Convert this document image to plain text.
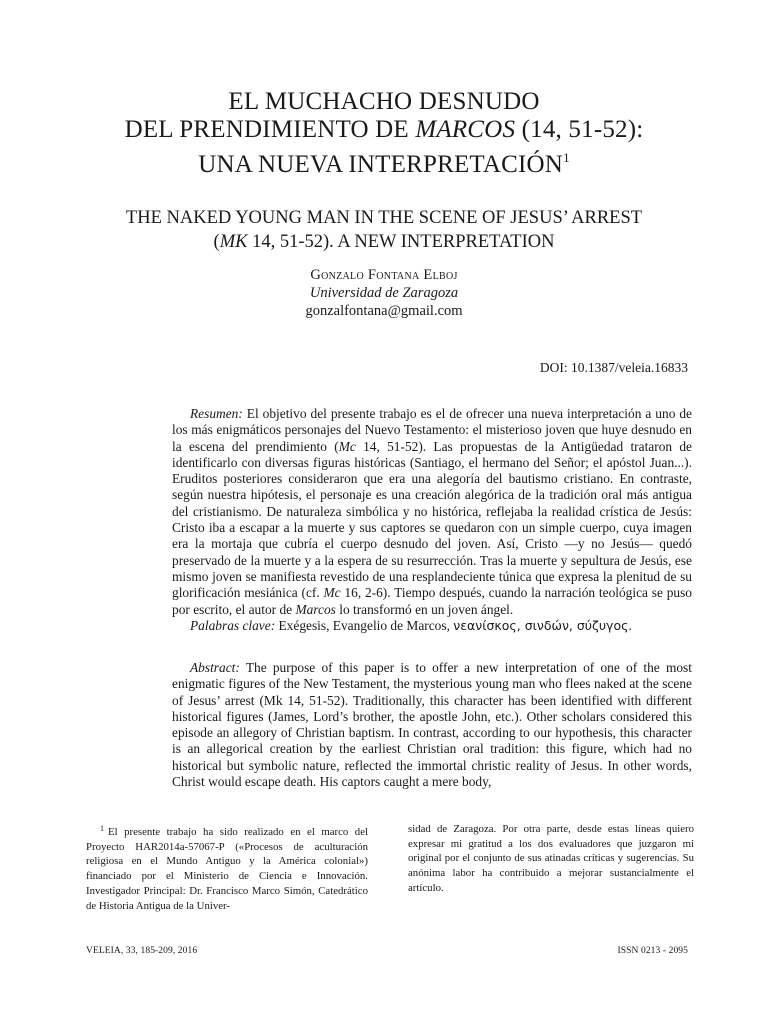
EL MUCHACHO DESNUDO
DEL PRENDIMIENTO DE MARCOS (14, 51-52):
UNA NUEVA INTERPRETACIÓN$^1$
THE NAKED YOUNG MAN IN THE SCENE OF JESUS’ ARREST
(MK 14, 51-52). A NEW INTERPRETATION
Gonzalo Fontana Elboj
Universidad de Zaragoza
gonzalfontana@gmail.com
DOI: 10.1387/veleia.16833

Resumen: El objetivo del presente trabajo es el de ofrecer una nueva interpretación a uno de los más enigmáticos personajes del Nuevo Testamento: el misterioso joven que huye desnudo en la escena del prendimiento (Mc 14, 51-52). Las propuestas de la Antigüedad trataron de identificarlo con diversas figuras históricas (Santiago, el hermano del Señor; el apóstol Juan...). Eruditos posteriores consideraron que era una alegoría del bautismo cristiano. En contraste, según nuestra hipótesis, el personaje es una creación alegórica de la tradición oral más antigua del cristianismo. De naturaleza simbólica y no histórica, reflejaba la realidad crística de Jesús: Cristo iba a escapar a la muerte y sus captores se quedaron con un simple cuerpo, cuya imagen era la mortaja que cubría el cuerpo desnudo del joven. Así, Cristo —y no Jesús— quedó preservado de la muerte y a la espera de su resurrección. Tras la muerte y sepultura de Jesús, ese mismo joven se manifiesta revestido de una resplandeciente túnica que expresa la plenitud de su glorificación mesiánica (cf. Mc 16, 2-6). Tiempo después, cuando la narración teológica se puso por escrito, el autor de Marcos lo transformó en un joven ángel.

Palabras clave: Exégesis, Evangelio de Marcos, νεανίσκος, σινδών, σύζυγος.

Abstract: The purpose of this paper is to offer a new interpretation of one of the most enigmatic figures of the New Testament, the mysterious young man who flees naked at the scene of Jesus’ arrest (Mk 14, 51-52). Traditionally, this character has been identified with different historical figures (James, Lord’s brother, the apostle John, etc.). Other scholars considered this episode an allegory of Christian baptism. In contrast, according to our hypothesis, this character is an allegorical creation by the earliest Christian oral tradition: this figure, which had no historical but symbolic nature, reflected the immortal christic reality of Jesus. In other words, Christ would escape death. His captors caught a mere body,

$^1$ El presente trabajo ha sido realizado en el marco del Proyecto HAR2014a-57067-P («Procesos de aculturación religiosa en el Mundo Antiguo y la América colonial») financiado por el Ministerio de Ciencia e Innovación. Investigador Principal: Dr. Francisco Marco Simón, Catedrático de Historia Antigua de la Univer-

sidad de Zaragoza. Por otra parte, desde estas líneas quiero expresar mi gratitud a los dos evaluadores que juzgaron mi original por el conjunto de sus atinadas críticas y sugerencias. Su anónima labor ha contribuido a mejorar sustancialmente el artículo.

VELEIA, 33, 185-209, 2016	ISSN 0213 - 2095
